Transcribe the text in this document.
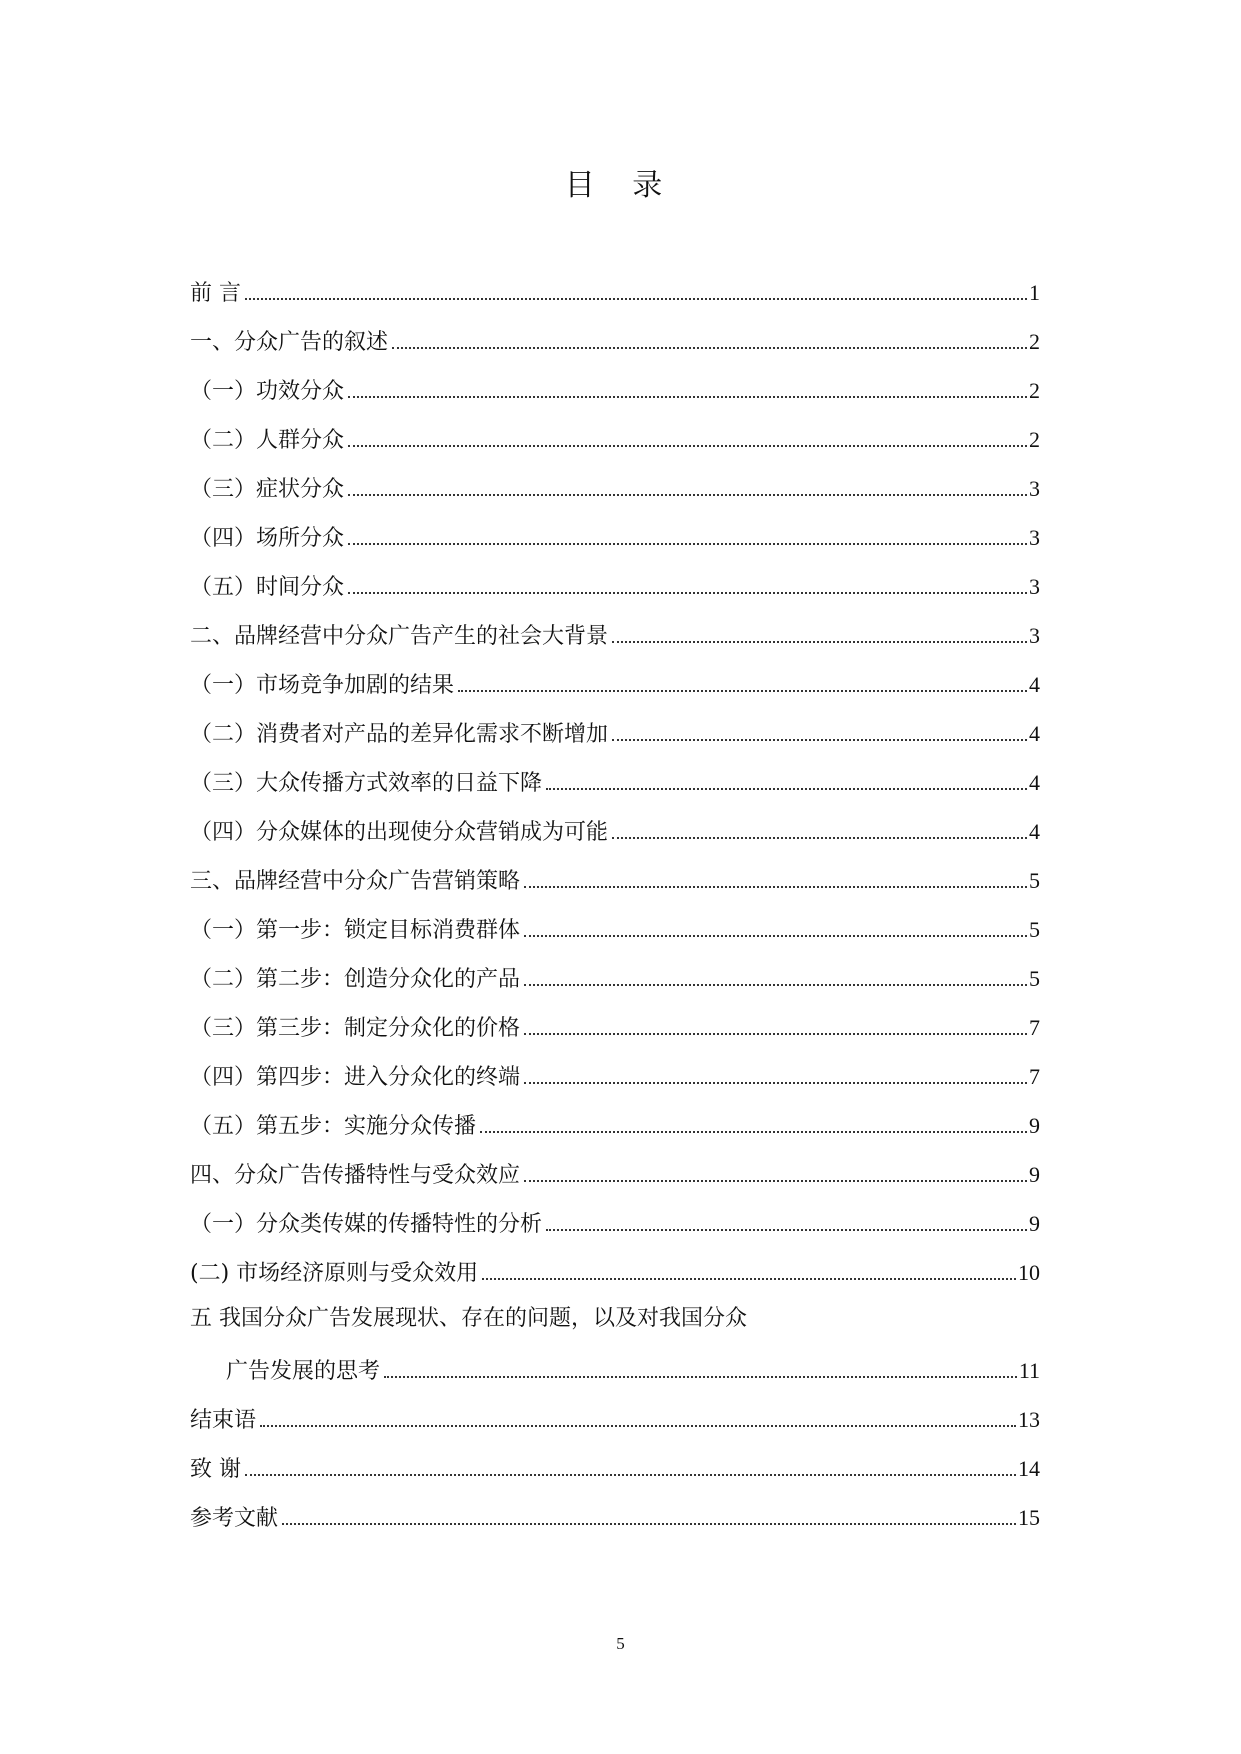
目 录
前 言	1
一、分众广告的叙述	2
（一）功效分众	2
（二）人群分众	2
（三）症状分众	3
（四）场所分众	3
（五）时间分众	3
二、品牌经营中分众广告产生的社会大背景	3
（一）市场竞争加剧的结果	4
（二）消费者对产品的差异化需求不断增加	4
（三）大众传播方式效率的日益下降	4
（四）分众媒体的出现使分众营销成为可能	4
三、品牌经营中分众广告营销策略	5
（一）第一步：锁定目标消费群体	5
（二）第二步：创造分众化的产品	5
（三）第三步：制定分众化的价格	7
（四）第四步：进入分众化的终端	7
（五）第五步：实施分众传播	9
四、分众广告传播特性与受众效应	9
（一）分众类传媒的传播特性的分析	9
(二) 市场经济原则与受众效用	10
五 我国分众广告发展现状、存在的问题，以及对我国分众
广告发展的思考	11
结束语	13
致 谢	14
参考文献	15
5
